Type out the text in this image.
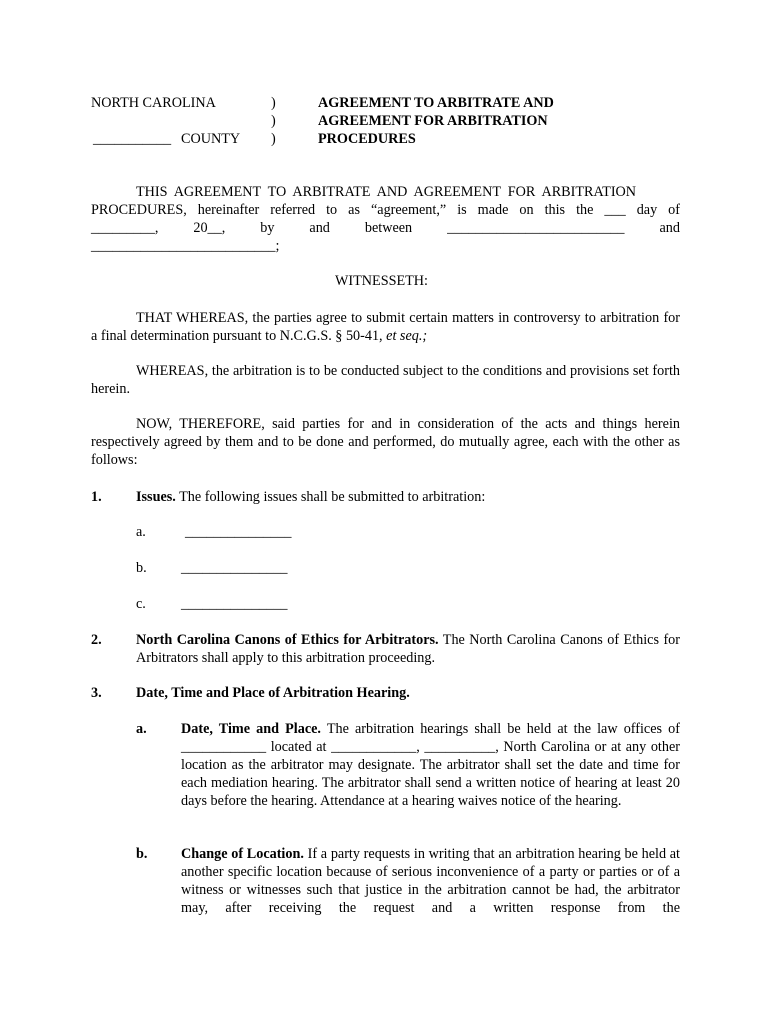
NORTH CAROLINA	)
)
)
___________ COUNTY
AGREEMENT TO ARBITRATE AND
AGREEMENT FOR ARBITRATION
PROCEDURES
THIS AGREEMENT TO ARBITRATE AND AGREEMENT FOR ARBITRATION
PROCEDURES, hereinafter referred to as “agreement,” is made on this the ___ day of
_________, 20__, by and between _________________________ and
__________________________;
WITNESSETH:
THAT WHEREAS, the parties agree to submit certain matters in controversy to arbitration for a final determination pursuant to N.C.G.S. § 50-41, et seq.;
WHEREAS, the arbitration is to be conducted subject to the conditions and provisions set forth herein.
NOW, THEREFORE, said parties for and in consideration of the acts and things herein respectively agreed by them and to be done and performed, do mutually agree, each with the other as follows:
1. Issues. The following issues shall be submitted to arbitration:
a.	_______________
b. _______________
c. _______________
2. North Carolina Canons of Ethics for Arbitrators. The North Carolina Canons of Ethics for Arbitrators shall apply to this arbitration proceeding.
3. Date, Time and Place of Arbitration Hearing.
a. Date, Time and Place. The arbitration hearings shall be held at the law offices of ____________ located at ____________, __________, North Carolina or at any other location as the arbitrator may designate. The arbitrator shall set the date and time for each mediation hearing. The arbitrator shall send a written notice of hearing at least 20 days before the hearing. Attendance at a hearing waives notice of the hearing.
b. Change of Location. If a party requests in writing that an arbitration hearing be held at another specific location because of serious inconvenience of a party or parties or of a witness or witnesses such that justice in the arbitration cannot be had, the arbitrator may, after receiving the request and a written response from the
